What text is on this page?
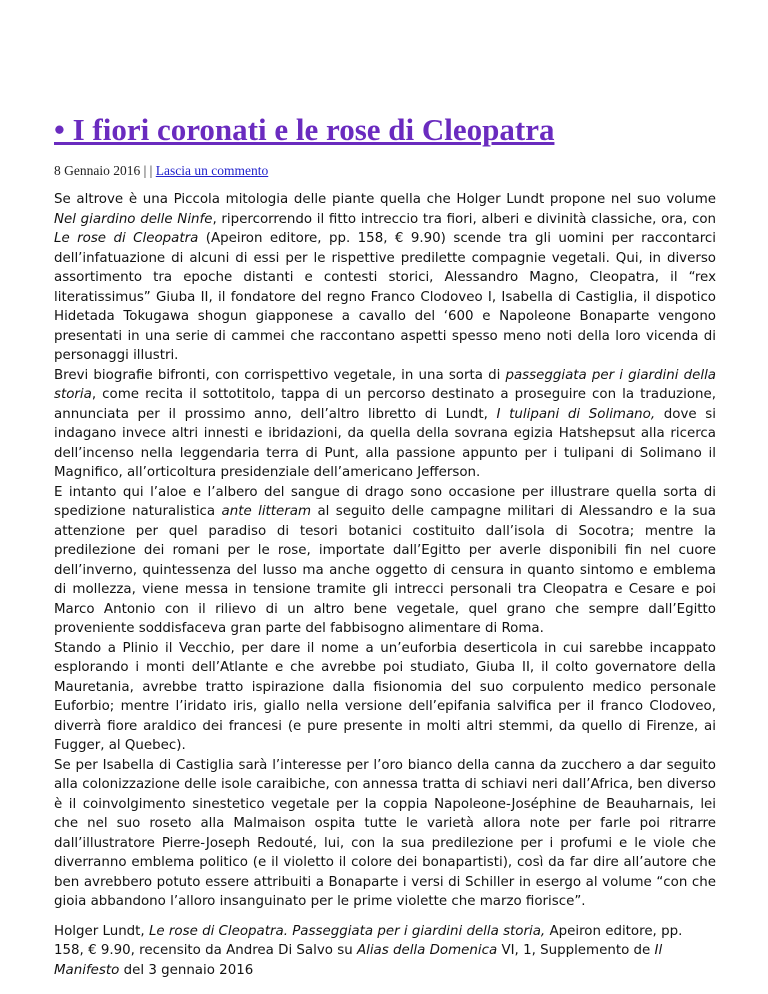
• I fiori coronati e le rose di Cleopatra
8 Gennaio 2016 | | Lascia un commento

Se altrove è una Piccola mitologia delle piante quella che Holger Lundt propone nel suo volume Nel giardino delle Ninfe, ripercorrendo il fitto intreccio tra fiori, alberi e divinità classiche, ora, con Le rose di Cleopatra (Apeiron editore, pp. 158, € 9.90) scende tra gli uomini per raccontarci dell’infatuazione di alcuni di essi per le rispettive predilette compagnie vegetali. Qui, in diverso assortimento tra epoche distanti e contesti storici, Alessandro Magno, Cleopatra, il “rex literatissimus” Giuba II, il fondatore del regno Franco Clodoveo I, Isabella di Castiglia, il dispotico Hidetada Tokugawa shogun giapponese a cavallo del ‘600 e Napoleone Bonaparte vengono presentati in una serie di cammei che raccontano aspetti spesso meno noti della loro vicenda di personaggi illustri.

Brevi biografie bifronti, con corrispettivo vegetale, in una sorta di passeggiata per i giardini della storia, come recita il sottotitolo, tappa di un percorso destinato a proseguire con la traduzione, annunciata per il prossimo anno, dell’altro libretto di Lundt, I tulipani di Solimano, dove si indagano invece altri innesti e ibridazioni, da quella della sovrana egizia Hatshepsut alla ricerca dell’incenso nella leggendaria terra di Punt, alla passione appunto per i tulipani di Solimano il Magnifico, all’orticoltura presidenziale dell’americano Jefferson.

E intanto qui l’aloe e l’albero del sangue di drago sono occasione per illustrare quella sorta di spedizione naturalistica ante litteram al seguito delle campagne militari di Alessandro e la sua attenzione per quel paradiso di tesori botanici costituito dall’isola di Socotra; mentre la predilezione dei romani per le rose, importate dall’Egitto per averle disponibili fin nel cuore dell’inverno, quintessenza del lusso ma anche oggetto di censura in quanto sintomo e emblema di mollezza, viene messa in tensione tramite gli intrecci personali tra Cleopatra e Cesare e poi Marco Antonio con il rilievo di un altro bene vegetale, quel grano che sempre dall’Egitto proveniente soddisfaceva gran parte del fabbisogno alimentare di Roma.

Stando a Plinio il Vecchio, per dare il nome a un’euforbia deserticola in cui sarebbe incappato esplorando i monti dell’Atlante e che avrebbe poi studiato, Giuba II, il colto governatore della Mauretania, avrebbe tratto ispirazione dalla fisionomia del suo corpulento medico personale Euforbio; mentre l’iridato iris, giallo nella versione dell’epifania salvifica per il franco Clodoveo, diverrà fiore araldico dei francesi (e pure presente in molti altri stemmi, da quello di Firenze, ai Fugger, al Quebec).

Se per Isabella di Castiglia sarà l’interesse per l’oro bianco della canna da zucchero a dar seguito alla colonizzazione delle isole caraibiche, con annessa tratta di schiavi neri dall’Africa, ben diverso è il coinvolgimento sinestetico vegetale per la coppia Napoleone-Joséphine de Beauharnais, lei che nel suo roseto alla Malmaison ospita tutte le varietà allora note per farle poi ritrarre dall’illustratore Pierre-Joseph Redouté, lui, con la sua predilezione per i profumi e le viole che diverranno emblema politico (e il violetto il colore dei bonapartisti), così da far dire all’autore che ben avrebbero potuto essere attribuiti a Bonaparte i versi di Schiller in esergo al volume “con che gioia abbandono l’alloro insanguinato per le prime violette che marzo fiorisce”.

Holger Lundt, Le rose di Cleopatra. Passeggiata per i giardini della storia, Apeiron editore, pp. 158, € 9.90, recensito da Andrea Di Salvo su Alias della Domenica VI, 1, Supplemento de Il Manifesto del 3 gennaio 2016
